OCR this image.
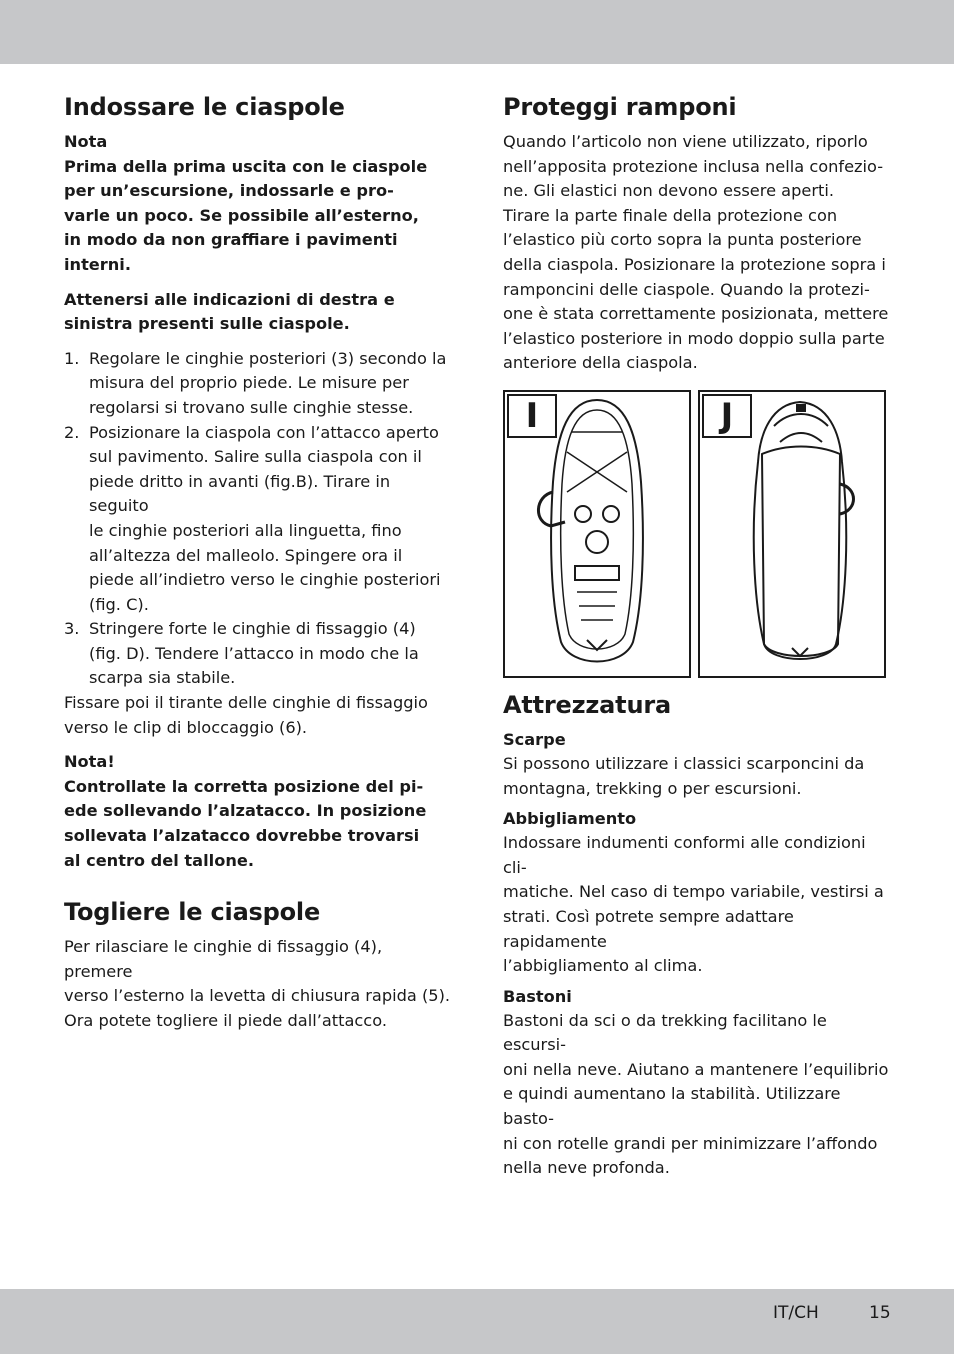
Indossare le ciaspole

Nota

Prima della prima uscita con le ciaspole

per un’escursione, indossarle e pro-

varle un poco. Se possibile all’esterno,

in modo da non graffiare i pavimenti

interni.

Attenersi alle indicazioni di destra e

sinistra presenti sulle ciaspole.

1. Regolare le cinghie posteriori (3) secondo la
misura del proprio piede. Le misure per
regolarsi si trovano sulle cinghie stesse.
2. Posizionare la ciaspola con l’attacco aperto
sul pavimento. Salire sulla ciaspola con il
piede dritto in avanti (fig.B). Tirare in seguito
le cinghie posteriori alla linguetta, fino
all’altezza del malleolo. Spingere ora il
piede all’indietro verso le cinghie posteriori
(fig. C).
3. Stringere forte le cinghie di fissaggio (4)
(fig. D). Tendere l’attacco in modo che la
scarpa sia stabile.

Fissare poi il tirante delle cinghie di fissaggio

verso le clip di bloccaggio (6).

Nota!

Controllate la corretta posizione del pi-

ede sollevando l’alzatacco. In posizione

sollevata l’alzatacco dovrebbe trovarsi

al centro del tallone.

Togliere le ciaspole

Per rilasciare le cinghie di fissaggio (4), premere

verso l’esterno la levetta di chiusura rapida (5).

Ora potete togliere il piede dall’attacco.

Proteggi ramponi

Quando l’articolo non viene utilizzato, riporlo

nell’apposita protezione inclusa nella confezio-

ne. Gli elastici non devono essere aperti.

Tirare la parte finale della protezione con

l’elastico più corto sopra la punta posteriore

della ciaspola. Posizionare la protezione sopra i

ramponcini delle ciaspole. Quando la protezi-

one è stata correttamente posizionata, mettere

l’elastico posteriore in modo doppio sulla parte

anteriore della ciaspola.

I	J
Attrezzatura

Scarpe

Si possono utilizzare i classici scarponcini da

montagna, trekking o per escursioni.

Abbigliamento

Indossare indumenti conformi alle condizioni cli-

matiche. Nel caso di tempo variabile, vestirsi a

strati. Così potrete sempre adattare rapidamente

l’abbigliamento al clima.

Bastoni

Bastoni da sci o da trekking facilitano le escursi-

oni nella neve. Aiutano a mantenere l’equilibrio

e quindi aumentano la stabilità. Utilizzare basto-

ni con rotelle grandi per minimizzare l’affondo

nella neve profonda.

IT/CH	15
